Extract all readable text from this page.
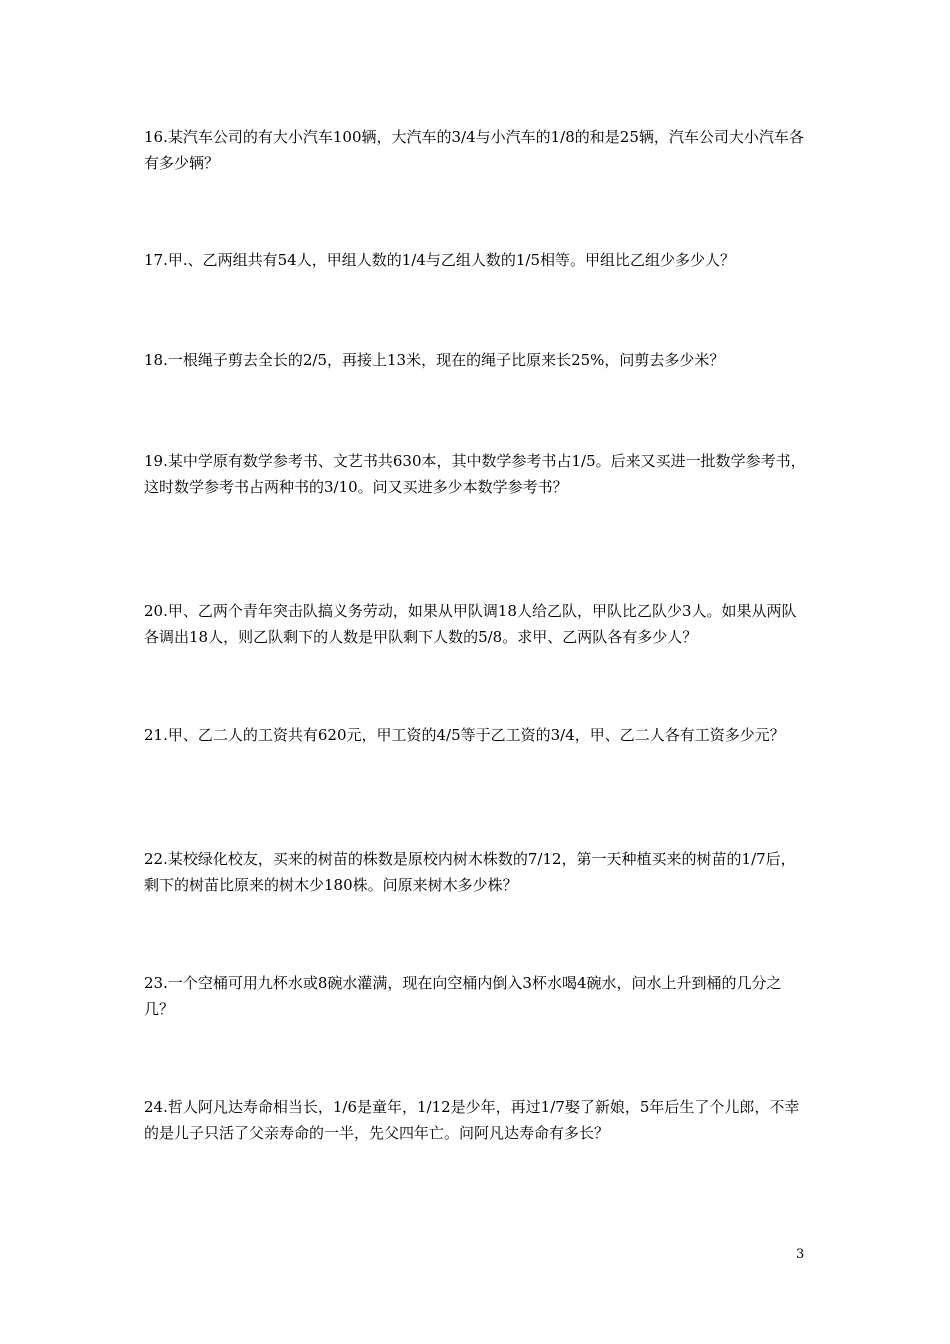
16.某汽车公司的有大小汽车100辆，大汽车的3/4与小汽车的1/8的和是25辆，汽车公司大小汽车各有多少辆？

17.甲.、乙两组共有54人，甲组人数的1/4与乙组人数的1/5相等。甲组比乙组少多少人？

18.一根绳子剪去全长的2/5，再接上13米，现在的绳子比原来长25%，问剪去多少米？

19.某中学原有数学参考书、文艺书共630本，其中数学参考书占1/5。后来又买进一批数学参考书，这时数学参考书占两种书的3/10。问又买进多少本数学参考书？

20.甲、乙两个青年突击队搞义务劳动，如果从甲队调18人给乙队，甲队比乙队少3人。如果从两队各调出18人，则乙队剩下的人数是甲队剩下人数的5/8。求甲、乙两队各有多少人？

21.甲、乙二人的工资共有620元，甲工资的4/5等于乙工资的3/4，甲、乙二人各有工资多少元？

22.某校绿化校友，买来的树苗的株数是原校内树木株数的7/12，第一天种植买来的树苗的1/7后，剩下的树苗比原来的树木少180株。问原来树木多少株？

23.一个空桶可用九杯水或8碗水灌满，现在向空桶内倒入3杯水喝4碗水，问水上升到桶的几分之几？

24.哲人阿凡达寿命相当长，1/6是童年，1/12是少年，再过1/7娶了新娘，5年后生了个儿郎，不幸的是儿子只活了父亲寿命的一半，先父四年亡。问阿凡达寿命有多长？

3
